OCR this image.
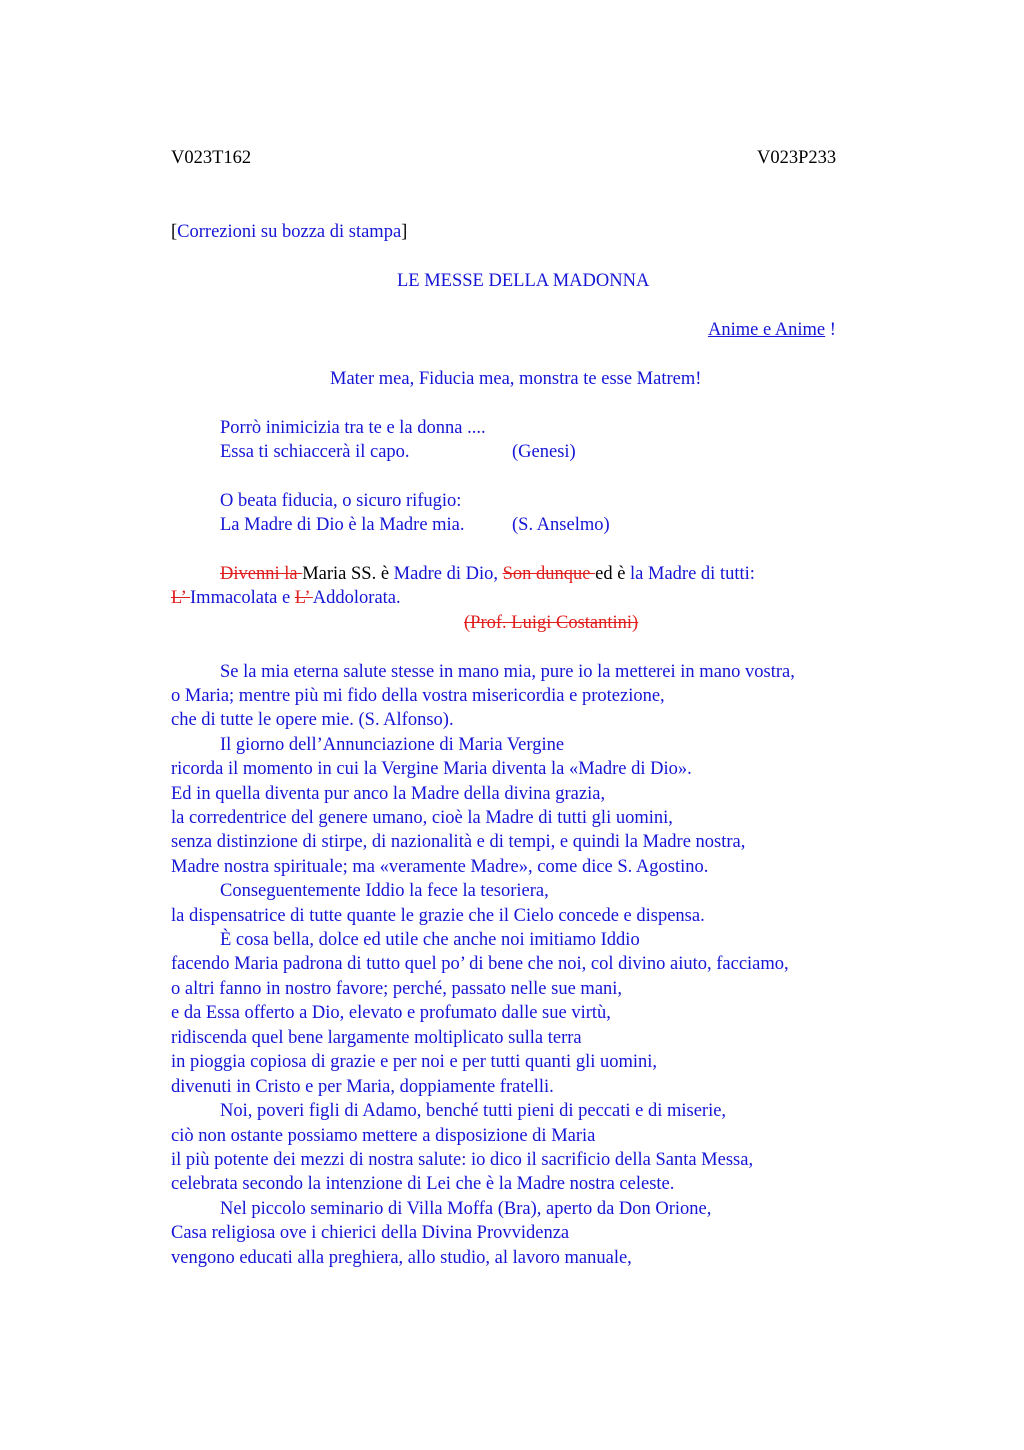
V023T162	V023P233
[Correzioni su bozza di stampa]
LE MESSE DELLA MADONNA
Anime e Anime !
Mater mea, Fiducia mea, monstra te esse Matrem!
Porrò inimicizia tra te e la donna ....
Essa ti schiaccerà il capo.	(Genesi)
O beata fiducia, o sicuro rifugio:
La Madre di Dio è la Madre mia.	(S. Anselmo)
Divenni la Maria SS. è Madre di Dio, Son dunque ed è la Madre di tutti:
L’ Immacolata e L’ Addolorata.
(Prof. Luigi Costantini)
Se la mia eterna salute stesse in mano mia, pure io la metterei in mano vostra,
o Maria; mentre più mi fido della vostra misericordia e protezione,
che di tutte le opere mie. (S. Alfonso).
Il giorno dell’Annunciazione di Maria Vergine
ricorda il momento in cui la Vergine Maria diventa la «Madre di Dio».
Ed in quella diventa pur anco la Madre della divina grazia,
la corredentrice del genere umano, cioè la Madre di tutti gli uomini,
senza distinzione di stirpe, di nazionalità e di tempi, e quindi la Madre nostra,
Madre nostra spirituale; ma «veramente Madre», come dice S. Agostino.
Conseguentemente Iddio la fece la tesoriera,
la dispensatrice di tutte quante le grazie che il Cielo concede e dispensa.
È cosa bella, dolce ed utile che anche noi imitiamo Iddio
facendo Maria padrona di tutto quel po’ di bene che noi, col divino aiuto, facciamo,
o altri fanno in nostro favore; perché, passato nelle sue mani,
e da Essa offerto a Dio, elevato e profumato dalle sue virtù,
ridiscenda quel bene largamente moltiplicato sulla terra
in pioggia copiosa di grazie e per noi e per tutti quanti gli uomini,
divenuti in Cristo e per Maria, doppiamente fratelli.
Noi, poveri figli di Adamo, benché tutti pieni di peccati e di miserie,
ciò non ostante possiamo mettere a disposizione di Maria
il più potente dei mezzi di nostra salute: io dico il sacrificio della Santa Messa,
celebrata secondo la intenzione di Lei che è la Madre nostra celeste.
Nel piccolo seminario di Villa Moffa (Bra), aperto da Don Orione,
Casa religiosa ove i chierici della Divina Provvidenza
vengono educati alla preghiera, allo studio, al lavoro manuale,
